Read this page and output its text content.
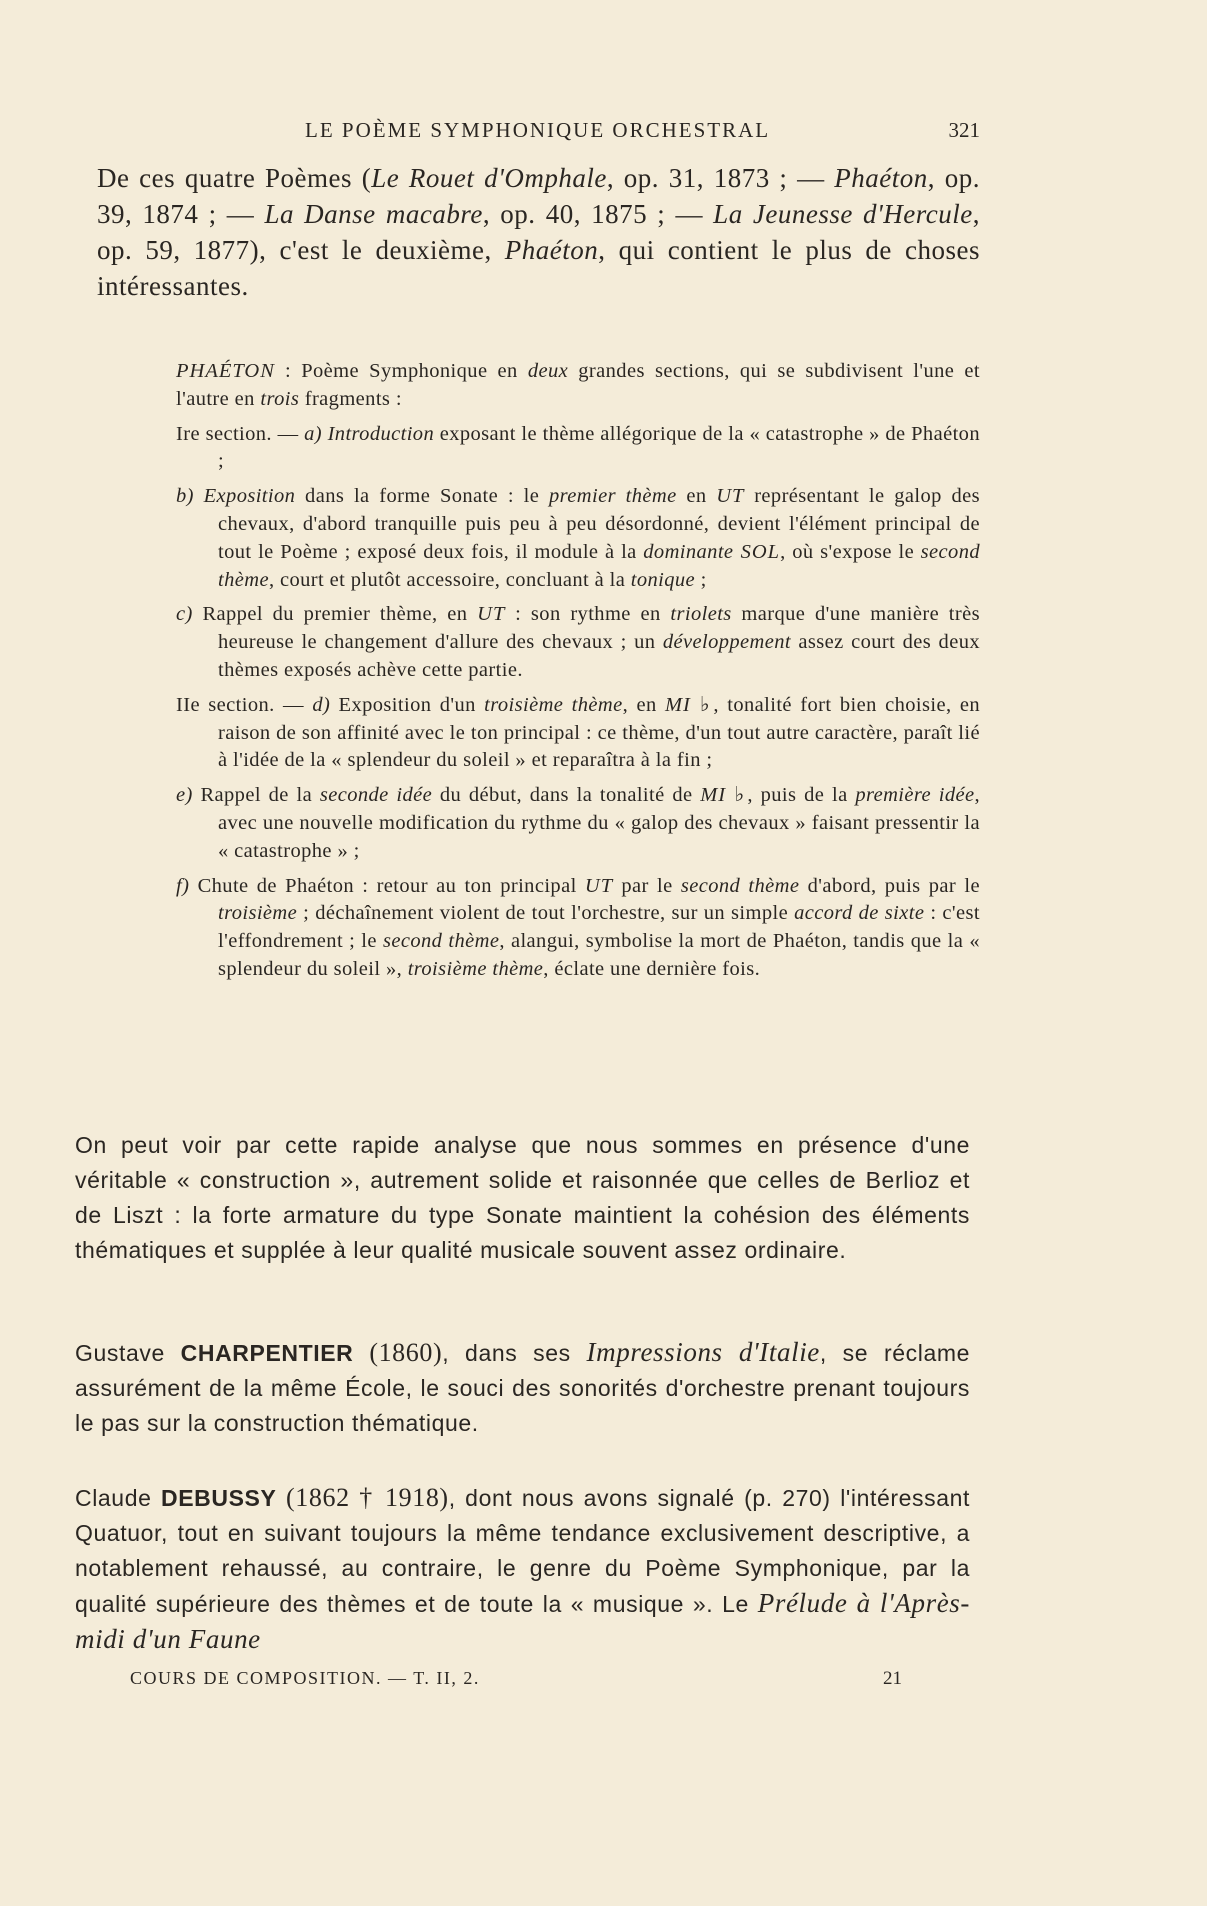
LE POÈME SYMPHONIQUE ORCHESTRAL	321
De ces quatre Poèmes (Le Rouet d'Omphale, op. 31, 1873 ; — Phaéton, op. 39, 1874 ; — La Danse macabre, op. 40, 1875 ; — La Jeunesse d'Hercule, op. 59, 1877), c'est le deuxième, Phaéton, qui contient le plus de choses intéressantes.

PHAÉTON : Poème Symphonique en deux grandes sections, qui se subdivisent l'une et l'autre en trois fragments :

Ire section. — a) Introduction exposant le thème allégorique de la « catastrophe » de Phaéton ;

b) Exposition dans la forme Sonate : le premier thème en UT représentant le galop des chevaux, d'abord tranquille puis peu à peu désordonné, devient l'élément principal de tout le Poème ; exposé deux fois, il module à la dominante SOL, où s'expose le second thème, court et plutôt accessoire, concluant à la tonique ;

c) Rappel du premier thème, en UT : son rythme en triolets marque d'une manière très heureuse le changement d'allure des chevaux ; un développement assez court des deux thèmes exposés achève cette partie.

IIe section. — d) Exposition d'un troisième thème, en MI ♭, tonalité fort bien choisie, en raison de son affinité avec le ton principal : ce thème, d'un tout autre caractère, paraît lié à l'idée de la « splendeur du soleil » et reparaîtra à la fin ;

e) Rappel de la seconde idée du début, dans la tonalité de MI ♭, puis de la première idée, avec une nouvelle modification du rythme du « galop des chevaux » faisant pressentir la « catastrophe » ;

f) Chute de Phaéton : retour au ton principal UT par le second thème d'abord, puis par le troisième ; déchaînement violent de tout l'orchestre, sur un simple accord de sixte : c'est l'effondrement ; le second thème, alangui, symbolise la mort de Phaéton, tandis que la « splendeur du soleil », troisième thème, éclate une dernière fois.

On peut voir par cette rapide analyse que nous sommes en présence d'une véritable « construction », autrement solide et raisonnée que celles de Berlioz et de Liszt : la forte armature du type Sonate maintient la cohésion des éléments thématiques et supplée à leur qualité musicale souvent assez ordinaire.
Gustave CHARPENTIER (1860), dans ses Impressions d'Italie, se réclame assurément de la même École, le souci des sonorités d'orchestre prenant toujours le pas sur la construction thématique.
Claude DEBUSSY (1862 † 1918), dont nous avons signalé (p. 270) l'intéressant Quatuor, tout en suivant toujours la même tendance exclusivement descriptive, a notablement rehaussé, au contraire, le genre du Poème Symphonique, par la qualité supérieure des thèmes et de toute la « musique ». Le Prélude à l'Après-midi d'un Faune
COURS DE COMPOSITION. — T. II, 2.	21
